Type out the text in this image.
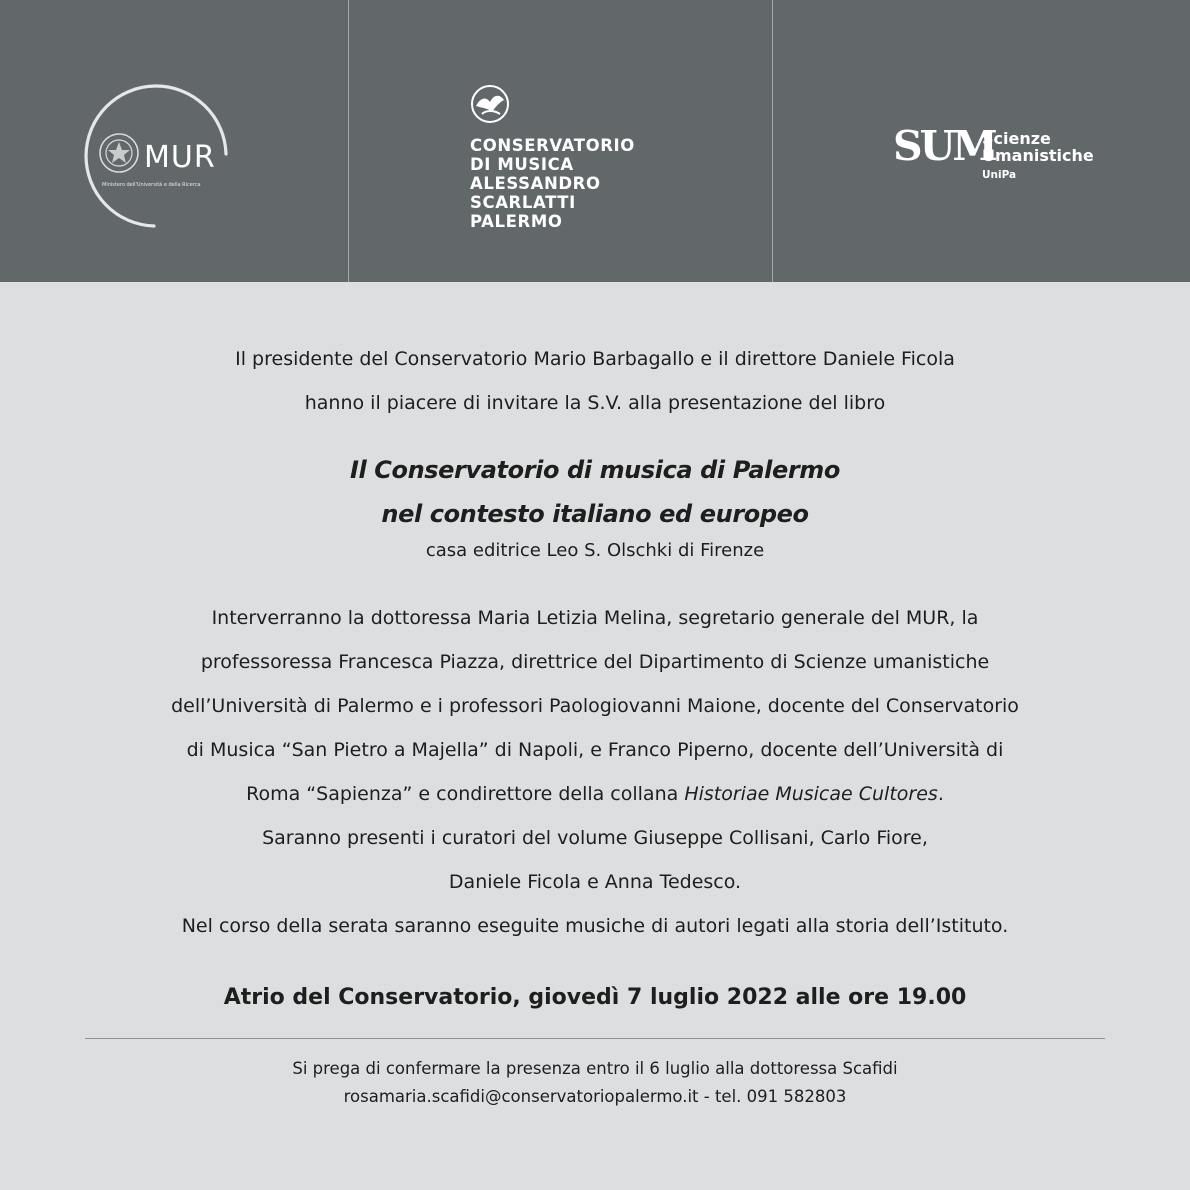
MUR
Ministero dell'Università e della Ricerca
CONSERVATORIO
DI MUSICA
ALESSANDRO
SCARLATTI
PALERMO
SUM
Scienze
Umanistiche
UniPa
Il presidente del Conservatorio Mario Barbagallo e il direttore Daniele Ficola
hanno il piacere di invitare la S.V. alla presentazione del libro
Il Conservatorio di musica di Palermo
nel contesto italiano ed europeo
casa editrice Leo S. Olschki di Firenze
Interverranno la dottoressa Maria Letizia Melina, segretario generale del MUR, la
professoressa Francesca Piazza, direttrice del Dipartimento di Scienze umanistiche
dell’Università di Palermo e i professori Paologiovanni Maione, docente del Conservatorio
di Musica “San Pietro a Majella” di Napoli, e Franco Piperno, docente dell’Università di
Roma “Sapienza” e condirettore della collana Historiae Musicae Cultores.
Saranno presenti i curatori del volume Giuseppe Collisani, Carlo Fiore,
Daniele Ficola e Anna Tedesco.
Nel corso della serata saranno eseguite musiche di autori legati alla storia dell’Istituto.
Atrio del Conservatorio, giovedì 7 luglio 2022 alle ore 19.00
Si prega di confermare la presenza entro il 6 luglio alla dottoressa Scafidi
rosamaria.scafidi@conservatoriopalermo.it - tel. 091 582803
